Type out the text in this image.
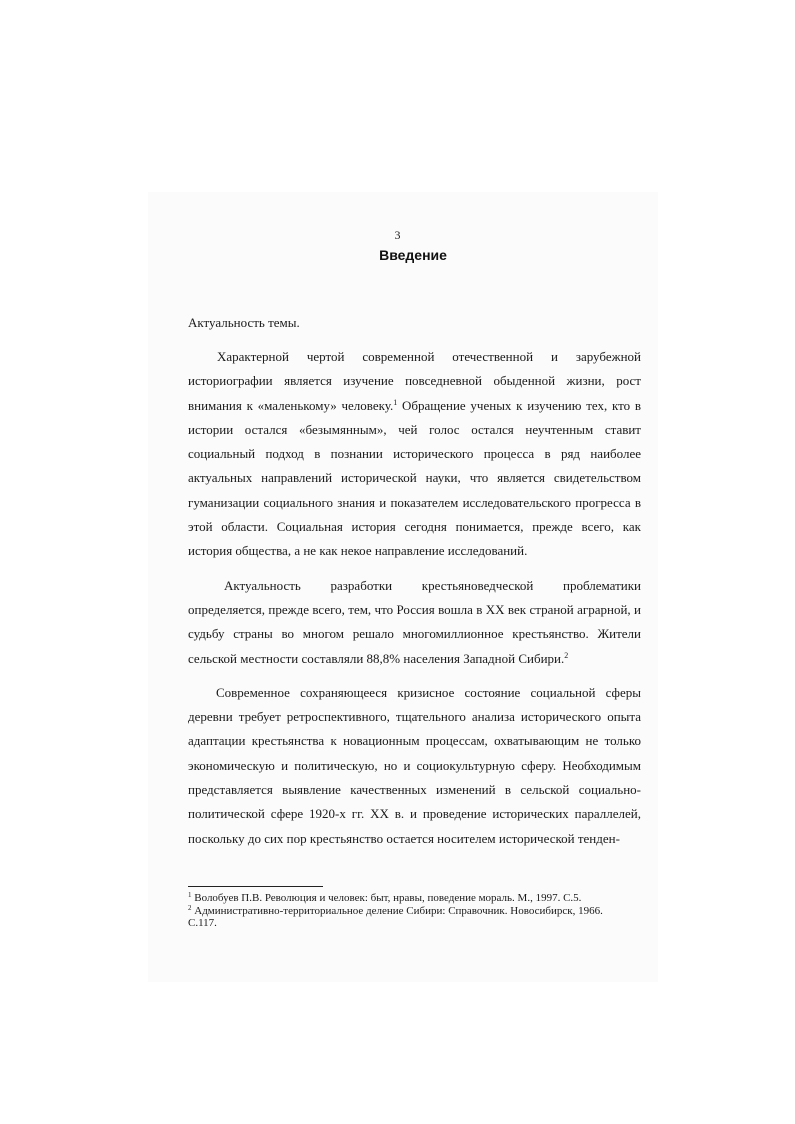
3
Введение
Актуальность темы.
Характерной чертой современной отечественной и зарубежной историографии является изучение повседневной обыденной жизни, рост внимания к «маленькому» человеку.$^1$ Обращение ученых к изучению тех, кто в истории остался «безымянным», чей голос остался неучтенным ставит социальный подход в познании исторического процесса в ряд наиболее актуальных направлений исторической науки, что является свидетельством гуманизации социального знания и показателем исследовательского прогресса в этой области. Социальная история сегодня понимается, прежде всего, как история общества, а не как некое направление исследований.
Актуальность разработки крестьяноведческой проблематики определяется, прежде всего, тем, что Россия вошла в XX век страной аграрной, и судьбу страны во многом решало многомиллионное крестьянство. Жители сельской местности составляли 88,8% населения Западной Сибири.$^2$
Современное сохраняющееся кризисное состояние социальной сферы деревни требует ретроспективного, тщательного анализа исторического опыта адаптации крестьянства к новационным процессам, охватывающим не только экономическую и политическую, но и социокультурную сферу. Необходимым представляется выявление качественных изменений в сельской социально-политической сфере 1920-х гг. XX в. и проведение исторических параллелей, поскольку до сих пор крестьянство остается носителем исторической тенден-
$^1$ Волобуев П.В. Революция и человек: быт, нравы, поведение мораль. М., 1997. С.5.
$^2$ Административно-территориальное деление Сибири: Справочник. Новосибирск, 1966. С.117.
